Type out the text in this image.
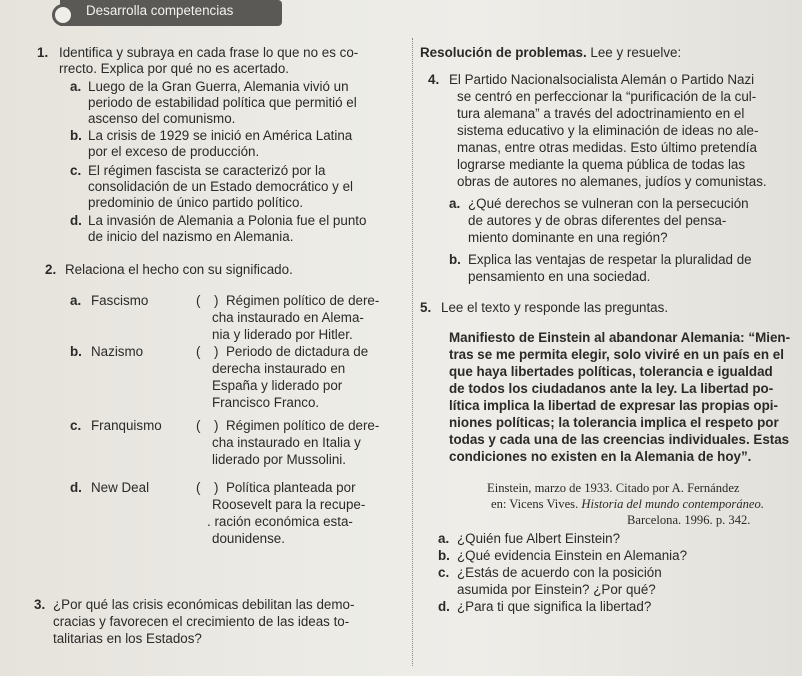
Desarrolla competencias
1. Identifica y subraya en cada frase lo que no es co-
rrecto. Explica por qué no es acertado.
a. Luego de la Gran Guerra, Alemania vivió un
periodo de estabilidad política que permitió el
ascenso del comunismo.
b. La crisis de 1929 se inició en América Latina
por el exceso de producción.
c. El régimen fascista se caracterizó por la
consolidación de un Estado democrático y el
predominio de único partido político.
d. La invasión de Alemania a Polonia fue el punto
de inicio del nazismo en Alemania.
2. Relaciona el hecho con su significado.
a. Fascismo	( ) Régimen político de dere-
cha instaurado en Alema-
nia y liderado por Hitler.
b. Nazismo	( ) Periodo de dictadura de
derecha instaurado en
España y liderado por
Francisco Franco.
c. Franquismo	( ) Régimen político de dere-
cha instaurado en Italia y
liderado por Mussolini.
d. New Deal	( ) Política planteada por
Roosevelt para la recupe-
. ración económica esta-
dounidense.
3. ¿Por qué las crisis económicas debilitan las demo-
cracias y favorecen el crecimiento de las ideas to-
talitarias en los Estados?
Resolución de problemas. Lee y resuelve:
4. El Partido Nacionalsocialista Alemán o Partido Nazi
se centró en perfeccionar la “purificación de la cul-
tura alemana” a través del adoctrinamiento en el
sistema educativo y la eliminación de ideas no ale-
manas, entre otras medidas. Esto último pretendía
lograrse mediante la quema pública de todas las
obras de autores no alemanes, judíos y comunistas.
a. ¿Qué derechos se vulneran con la persecución
de autores y de obras diferentes del pensa-
miento dominante en una región?
b. Explica las ventajas de respetar la pluralidad de
pensamiento en una sociedad.
5. Lee el texto y responde las preguntas.
Manifiesto de Einstein al abandonar Alemania: “Mien-
tras se me permita elegir, solo viviré en un país en el
que haya libertades políticas, tolerancia e igualdad
de todos los ciudadanos ante la ley. La libertad po-
lítica implica la libertad de expresar las propias opi-
niones políticas; la tolerancia implica el respeto por
todas y cada una de las creencias individuales. Estas
condiciones no existen en la Alemania de hoy”.
Einstein, marzo de 1933. Citado por A. Fernández
en: Vicens Vives. Historia del mundo contemporáneo.
Barcelona. 1996. p. 342.
a. ¿Quién fue Albert Einstein?
b. ¿Qué evidencia Einstein en Alemania?
c. ¿Estás de acuerdo con la posición
asumida por Einstein? ¿Por qué?
d. ¿Para ti que significa la libertad?
